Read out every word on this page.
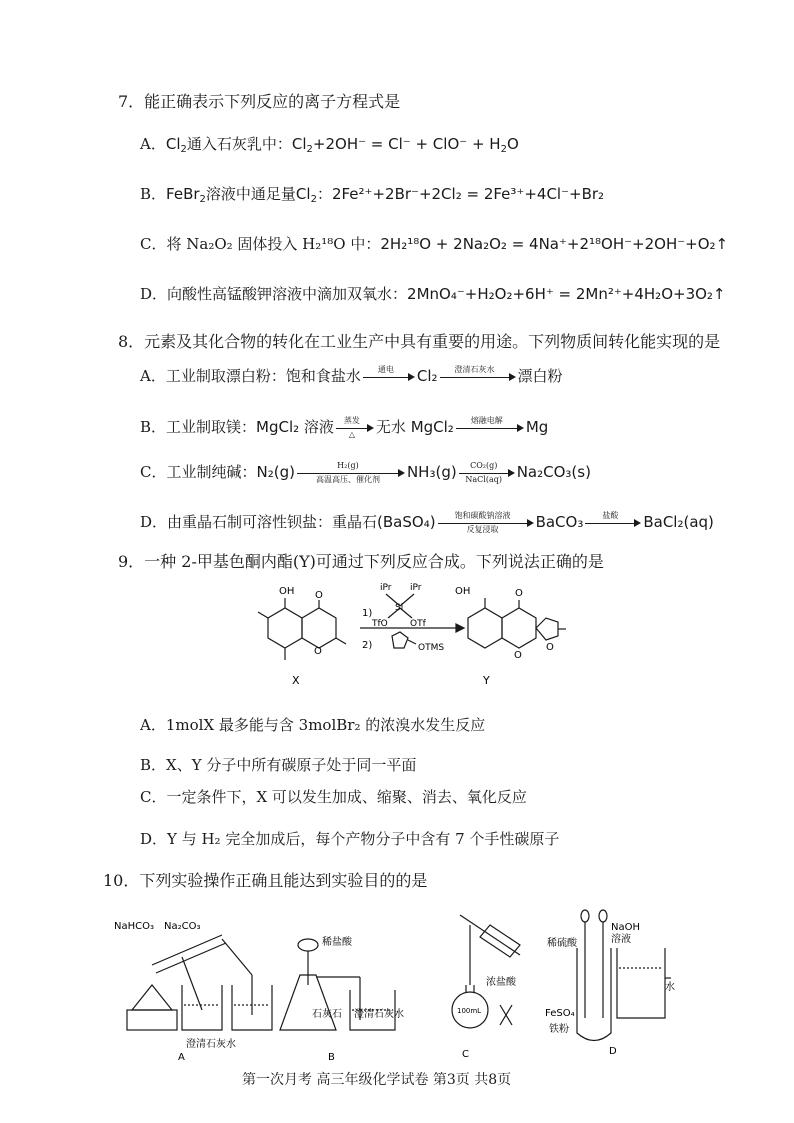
7．能正确表示下列反应的离子方程式是
A．$Cl_2$通入石灰乳中：$Cl_2+2OH^- = Cl^- + ClO^- + H_2O$
B．FeBr$_2$溶液中通足量$Cl_2$：2Fe²⁺+2Br⁻+2Cl₂ = 2Fe³⁺+4Cl⁻+Br₂
C．将 Na₂O₂ 固体投入 H₂¹⁸O 中：2H₂¹⁸O + 2Na₂O₂ = 4Na⁺+2¹⁸OH⁻+2OH⁻+O₂↑
D．向酸性高锰酸钾溶液中滴加双氧水：2MnO₄⁻+H₂O₂+6H⁺ = 2Mn²⁺+4H₂O+3O₂↑
8．元素及其化合物的转化在工业生产中具有重要的用途。下列物质间转化能实现的是
A．工业制取漂白粉：饱和食盐水	通电	Cl₂	澄清石灰水	漂白粉
B．工业制取镁：MgCl₂ 溶液	蒸发
△	无水 MgCl₂	熔融电解	Mg
C．工业制纯碱：N₂(g)	H₂(g)
高温高压、催化剂	NH₃(g)	CO₂(g)
NaCl(aq) Na₂CO₃(s)
D．由重晶石制可溶性钡盐：重晶石(BaSO₄)	饱和碳酸钠溶液
反复浸取	BaCO₃	盐酸	BaCl₂(aq)
9．一种 2-甲基色酮内酯(Y)可通过下列反应合成。下列说法正确的是
OH O
O
X
1)
iPr iPr
Si
TfO OTf
2)	OTMS
OH	O
O
O
Y
A．1molX 最多能与含 3molBr₂ 的浓溴水发生反应
B．X、Y 分子中所有碳原子处于同一平面
C．一定条件下，X 可以发生加成、缩聚、消去、氧化反应
D．Y 与 H₂ 完全加成后，每个产物分子中含有 7 个手性碳原子
10．下列实验操作正确且能达到实验目的的是
NaHCO₃ Na₂CO₃
澄清石灰水
A
稀盐酸
石灰石 澄清石灰水
B
浓盐酸
100mL
C
稀硫酸
NaOH
溶液
FeSO₄
铁粉
水
D
第一次月考 高三年级化学试卷 第3页 共8页
